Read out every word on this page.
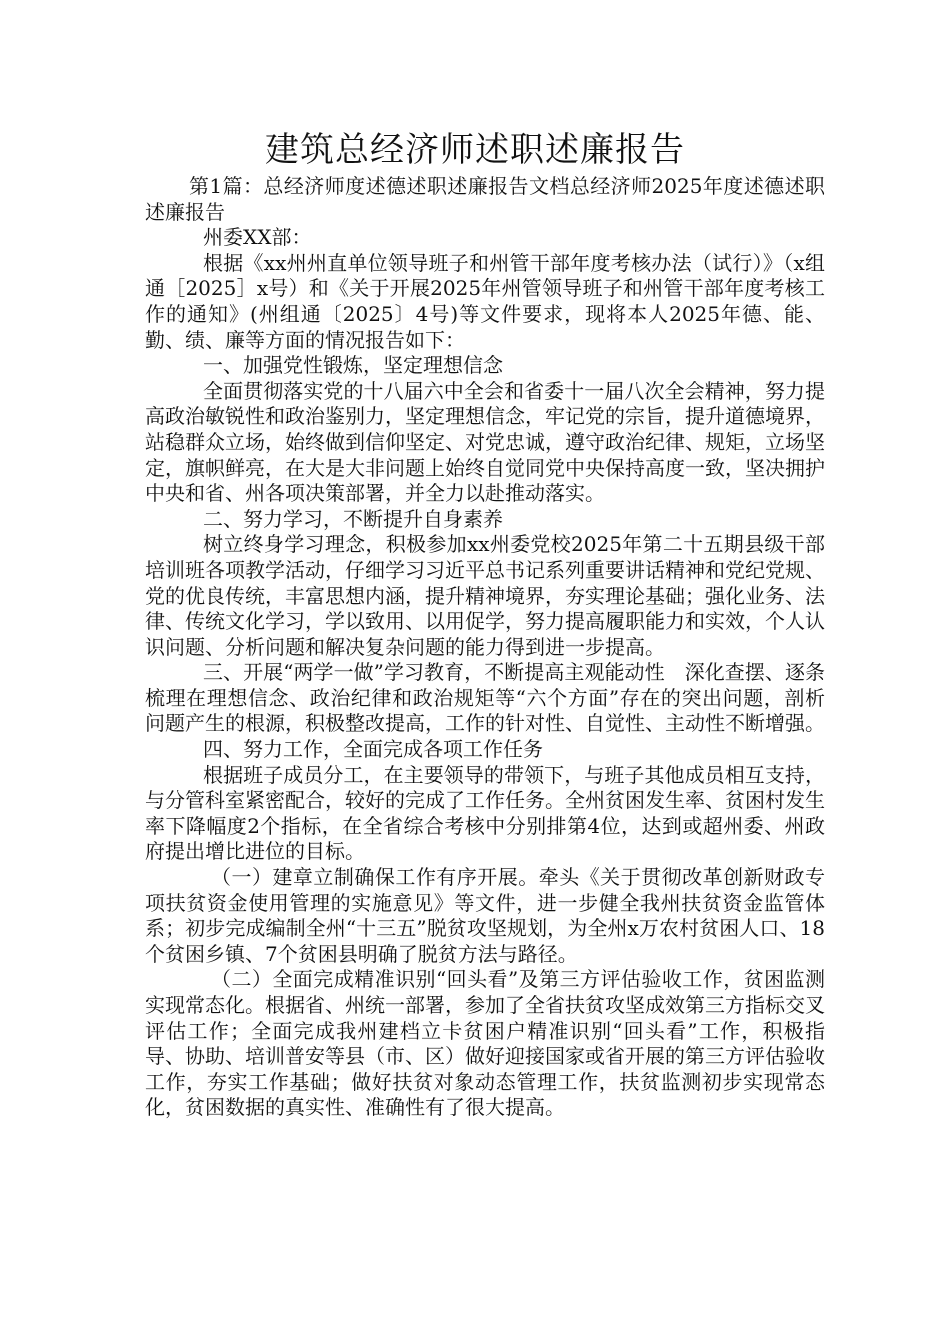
建筑总经济师述职述廉报告

第1篇：总经济师度述德述职述廉报告文档总经济师2025年度述德述职述廉报告

州委XX部：

根据《xx州州直单位领导班子和州管干部年度考核办法（试行）》（x组通［2025］x号）和《关于开展2025年州管领导班子和州管干部年度考核工作的通知》(州组通〔2025〕4号)等文件要求，现将本人2025年德、能、勤、绩、廉等方面的情况报告如下：

一、加强党性锻炼，坚定理想信念

全面贯彻落实党的十八届六中全会和省委十一届八次全会精神，努力提高政治敏锐性和政治鉴别力，坚定理想信念，牢记党的宗旨，提升道德境界，站稳群众立场，始终做到信仰坚定、对党忠诚，遵守政治纪律、规矩，立场坚定，旗帜鲜亮，在大是大非问题上始终自觉同党中央保持高度一致，坚决拥护中央和省、州各项决策部署，并全力以赴推动落实。

二、努力学习，不断提升自身素养

树立终身学习理念，积极参加xx州委党校2025年第二十五期县级干部培训班各项教学活动，仔细学习习近平总书记系列重要讲话精神和党纪党规、党的优良传统，丰富思想内涵，提升精神境界，夯实理论基础；强化业务、法律、传统文化学习，学以致用、以用促学，努力提高履职能力和实效，个人认识问题、分析问题和解决复杂问题的能力得到进一步提高。

三、开展“两学一做”学习教育，不断提高主观能动性　深化查摆、逐条梳理在理想信念、政治纪律和政治规矩等“六个方面”存在的突出问题，剖析问题产生的根源，积极整改提高，工作的针对性、自觉性、主动性不断增强。

四、努力工作，全面完成各项工作任务

根据班子成员分工，在主要领导的带领下，与班子其他成员相互支持，与分管科室紧密配合，较好的完成了工作任务。全州贫困发生率、贫困村发生率下降幅度2个指标，在全省综合考核中分别排第4位，达到或超州委、州政府提出增比进位的目标。

（一）建章立制确保工作有序开展。牵头《关于贯彻改革创新财政专项扶贫资金使用管理的实施意见》等文件，进一步健全我州扶贫资金监管体系；初步完成编制全州“十三五”脱贫攻坚规划，为全州x万农村贫困人口、18个贫困乡镇、7个贫困县明确了脱贫方法与路径。

（二）全面完成精准识别“回头看”及第三方评估验收工作，贫困监测实现常态化。根据省、州统一部署，参加了全省扶贫攻坚成效第三方指标交叉评估工作；全面完成我州建档立卡贫困户精准识别“回头看”工作，积极指导、协助、培训普安等县（市、区）做好迎接国家或省开展的第三方评估验收工作，夯实工作基础；做好扶贫对象动态管理工作，扶贫监测初步实现常态化，贫困数据的真实性、准确性有了很大提高。
